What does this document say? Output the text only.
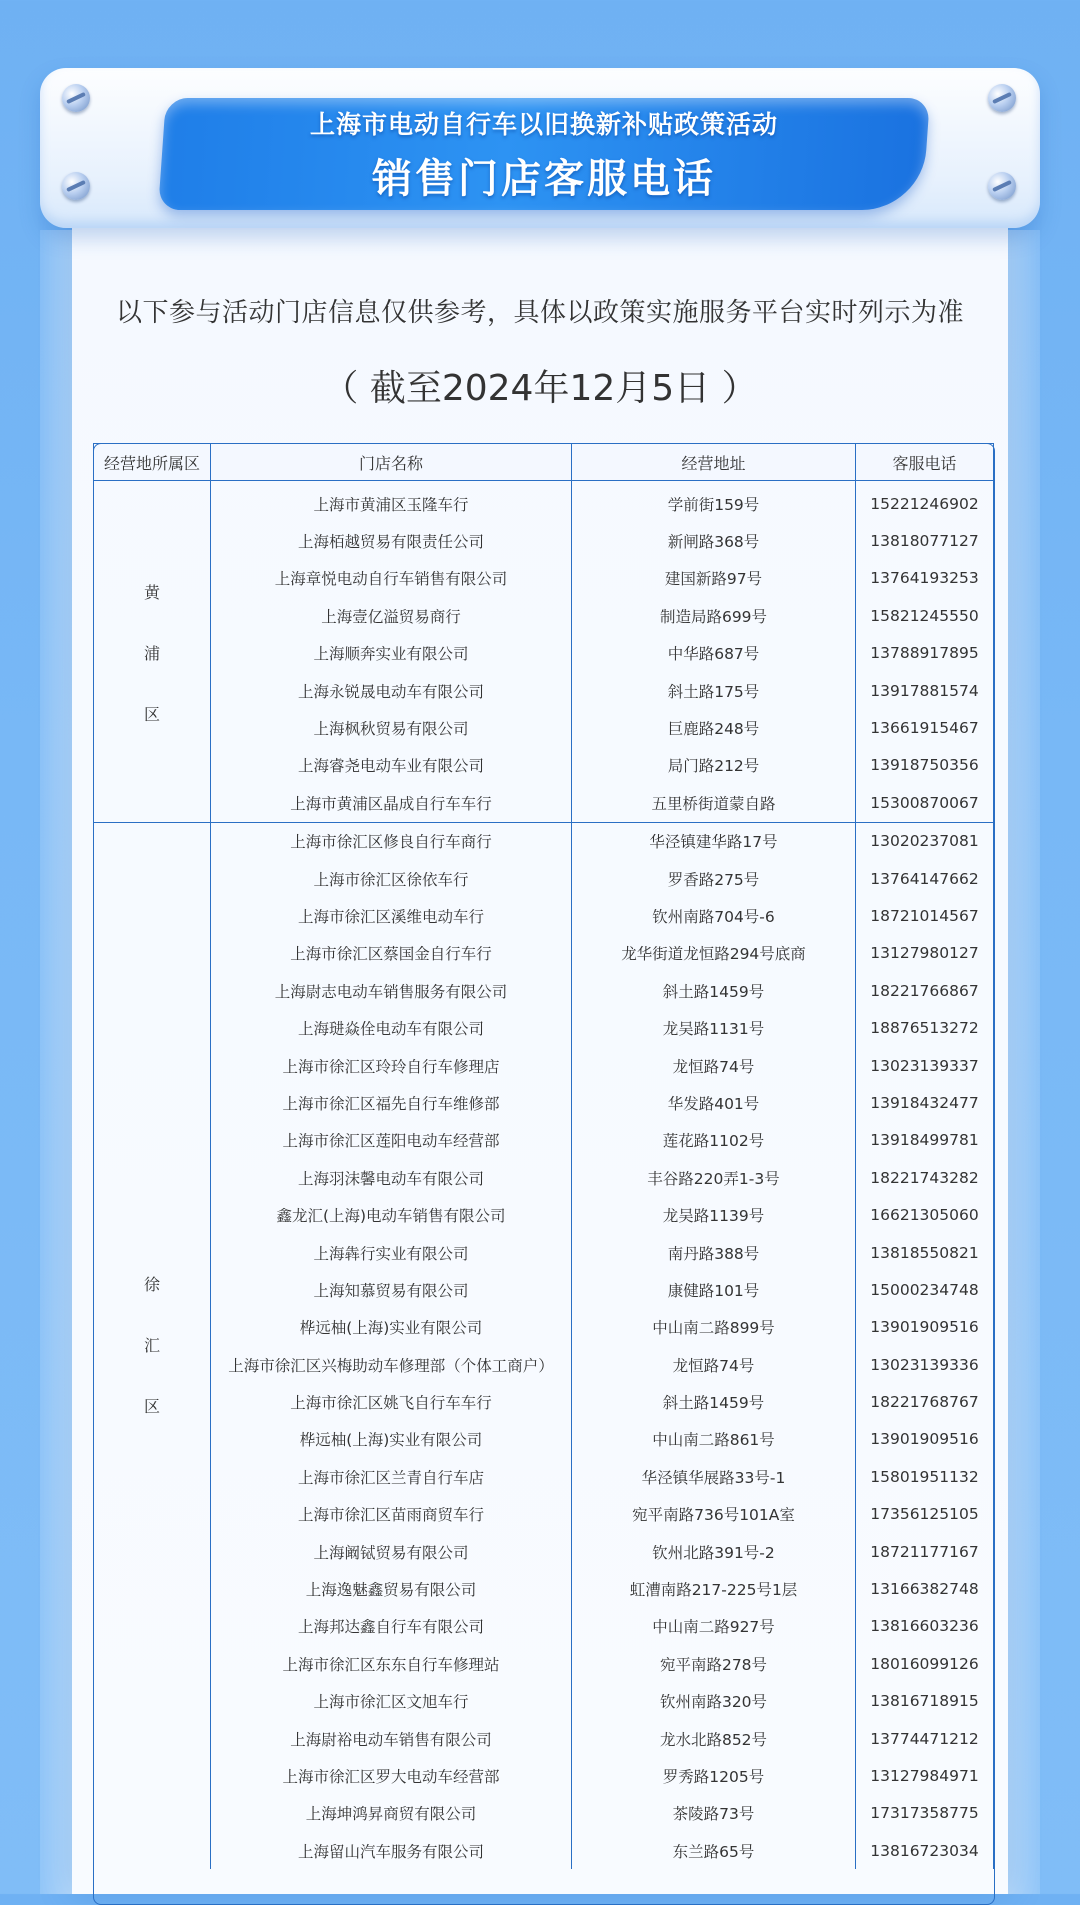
上海市电动自行车以旧换新补贴政策活动
销售门店客服电话
以下参与活动门店信息仅供参考，具体以政策实施服务平台实时列示为准
（ 截至2024年12月5日 ）
经营地所属区	门店名称	经营地址	客服电话

黄
浦
区	上海市黄浦区玉隆车行	学前街159号	15221246902
	上海栢越贸易有限责任公司	新闸路368号	13818077127
	上海章悦电动自行车销售有限公司	建国新路97号	13764193253
	上海壹亿溢贸易商行	制造局路699号	15821245550
	上海顺奔实业有限公司	中华路687号	13788917895
	上海永锐晟电动车有限公司	斜土路175号	13917881574
	上海枫秋贸易有限公司	巨鹿路248号	13661915467
	上海睿尧电动车业有限公司	局门路212号	13918750356
	上海市黄浦区晶成自行车车行	五里桥街道蒙自路	15300870067

徐
汇
区	上海市徐汇区修良自行车商行	华泾镇建华路17号	13020237081
	上海市徐汇区徐依车行	罗香路275号	13764147662
	上海市徐汇区溪维电动车行	钦州南路704号-6	18721014567
	上海市徐汇区蔡国金自行车行	龙华街道龙恒路294号底商	13127980127
	上海尉志电动车销售服务有限公司	斜土路1459号	18221766867
	上海琎焱佺电动车有限公司	龙吴路1131号	18876513272
	上海市徐汇区玲玲自行车修理店	龙恒路74号	13023139337
	上海市徐汇区福先自行车维修部	华发路401号	13918432477
	上海市徐汇区莲阳电动车经营部	莲花路1102号	13918499781
	上海羽沫馨电动车有限公司	丰谷路220弄1-3号	18221743282
	鑫龙汇(上海)电动车销售有限公司	龙吴路1139号	16621305060
	上海犇行实业有限公司	南丹路388号	13818550821
	上海知慕贸易有限公司	康健路101号	15000234748
	桦远柚(上海)实业有限公司	中山南二路899号	13901909516
	上海市徐汇区兴梅助动车修理部（个体工商户）	龙恒路74号	13023139336
	上海市徐汇区姚飞自行车车行	斜土路1459号	18221768767
	桦远柚(上海)实业有限公司	中山南二路861号	13901909516
	上海市徐汇区兰青自行车店	华泾镇华展路33号-1	15801951132
	上海市徐汇区苗雨商贸车行	宛平南路736号101A室	17356125105
	上海阚铽贸易有限公司	钦州北路391号-2	18721177167
	上海逸魅鑫贸易有限公司	虹漕南路217-225号1层	13166382748
	上海邦达鑫自行车有限公司	中山南二路927号	13816603236
	上海市徐汇区东东自行车修理站	宛平南路278号	18016099126
	上海市徐汇区文旭车行	钦州南路320号	13816718915
	上海尉裕电动车销售有限公司	龙水北路852号	13774471212
	上海市徐汇区罗大电动车经营部	罗秀路1205号	13127984971
	上海坤鸿昇商贸有限公司	茶陵路73号	17317358775
	上海留山汽车服务有限公司	东兰路65号	13816723034
